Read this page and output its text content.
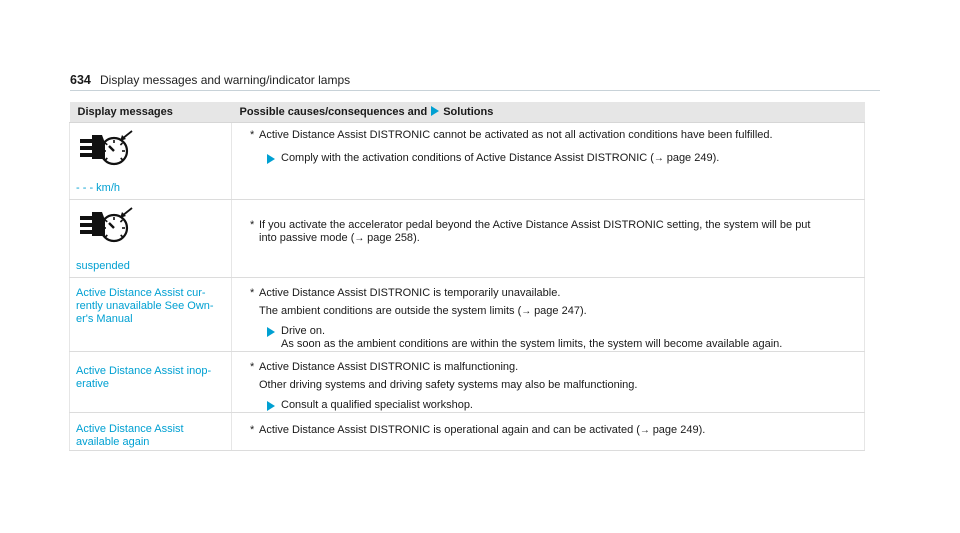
634 Display messages and warning/indicator lamps
Display messages	Possible causes/consequences and Solutions

- - - km/h	* Active Distance Assist DISTRONIC cannot be activated as not all activation conditions have been fulfilled.
Comply with the activation conditions of Active Distance Assist DISTRONIC (→ page 249).

suspended	* If you activate the accelerator pedal beyond the Active Distance Assist DISTRONIC setting, the system will be put
into passive mode (→ page 258).

Active Distance Assist cur-rently unavailable See Own-er's Manual	* Active Distance Assist DISTRONIC is temporarily unavailable.
The ambient conditions are outside the system limits (→ page 247).
Drive on.
As soon as the ambient conditions are within the system limits, the system will become available again.

Active Distance Assist inop-erative	* Active Distance Assist DISTRONIC is malfunctioning.
Other driving systems and driving safety systems may also be malfunctioning.
Consult a qualified specialist workshop.

Active Distance Assist available again	* Active Distance Assist DISTRONIC is operational again and can be activated (→ page 249).
